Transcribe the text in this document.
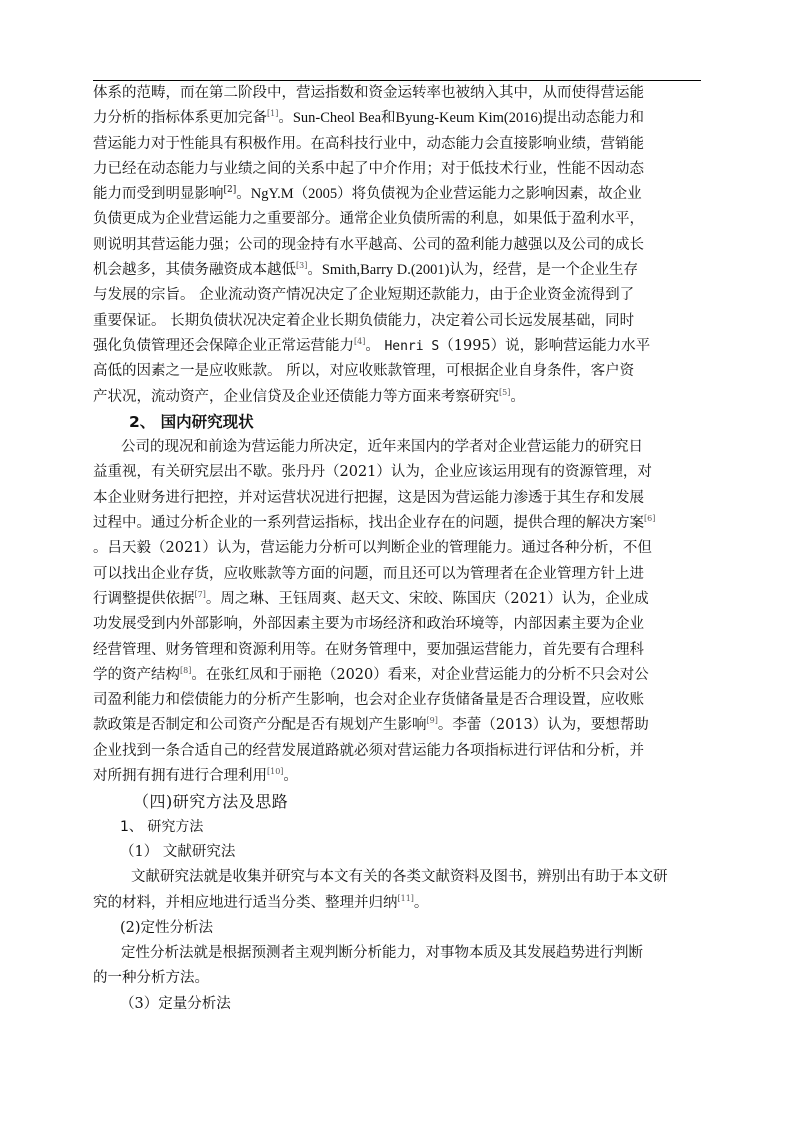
体系的范畴，而在第二阶段中，营运指数和资金运转率也被纳入其中，从而使得营运能

力分析的指标体系更加完备[1]。Sun-Cheol Bea和Byung-Keum Kim(2016)提出动态能力和

营运能力对于性能具有积极作用。在高科技行业中，动态能力会直接影响业绩，营销能

力已经在动态能力与业绩之间的关系中起了中介作用；对于低技术行业，性能不因动态

能力而受到明显影响[2]。NgY.M（2005）将负债视为企业营运能力之影响因素，故企业

负债更成为企业营运能力之重要部分。通常企业负债所需的利息，如果低于盈利水平，

则说明其营运能力强；公司的现金持有水平越高、公司的盈利能力越强以及公司的成长

机会越多，其债务融资成本越低[3]。Smith,Barry D.(2001)认为，经营，是一个企业生存

与发展的宗旨。 企业流动资产情况决定了企业短期还款能力，由于企业资金流得到了

重要保证。 长期负债状况决定着企业长期负债能力，决定着公司长远发展基础，同时

强化负债管理还会保障企业正常运营能力[4]。 Henri S（1995）说，影响营运能力水平

高低的因素之一是应收账款。 所以，对应收账款管理，可根据企业自身条件，客户资

产状况，流动资产，企业信贷及企业还债能力等方面来考察研究[5]。

2、 国内研究现状

公司的现况和前途为营运能力所决定，近年来国内的学者对企业营运能力的研究日

益重视，有关研究层出不歇。张丹丹（2021）认为，企业应该运用现有的资源管理，对

本企业财务进行把控，并对运营状况进行把握，这是因为营运能力渗透于其生存和发展

过程中。通过分析企业的一系列营运指标，找出企业存在的问题，提供合理的解决方案[6]

。吕天毅（2021）认为，营运能力分析可以判断企业的管理能力。通过各种分析，不但

可以找出企业存货，应收账款等方面的问题，而且还可以为管理者在企业管理方针上进

行调整提供依据[7]。周之琳、王钰周爽、赵天文、宋皎、陈国庆（2021）认为，企业成

功发展受到内外部影响，外部因素主要为市场经济和政治环境等，内部因素主要为企业

经营管理、财务管理和资源利用等。在财务管理中，要加强运营能力，首先要有合理科

学的资产结构[8]。在张红凤和于丽艳（2020）看来，对企业营运能力的分析不只会对公

司盈利能力和偿债能力的分析产生影响，也会对企业存货储备量是否合理设置，应收账

款政策是否制定和公司资产分配是否有规划产生影响[9]。李蕾（2013）认为，要想帮助

企业找到一条合适自己的经营发展道路就必须对营运能力各项指标进行评估和分析，并

对所拥有拥有进行合理利用[10]。

（四)研究方法及思路

1、 研究方法

（1） 文献研究法

文献研究法就是收集并研究与本文有关的各类文献资料及图书，辨别出有助于本文研

究的材料，并相应地进行适当分类、整理并归纳[11]。

(2)定性分析法

定性分析法就是根据预测者主观判断分析能力，对事物本质及其发展趋势进行判断

的一种分析方法。

（3）定量分析法
